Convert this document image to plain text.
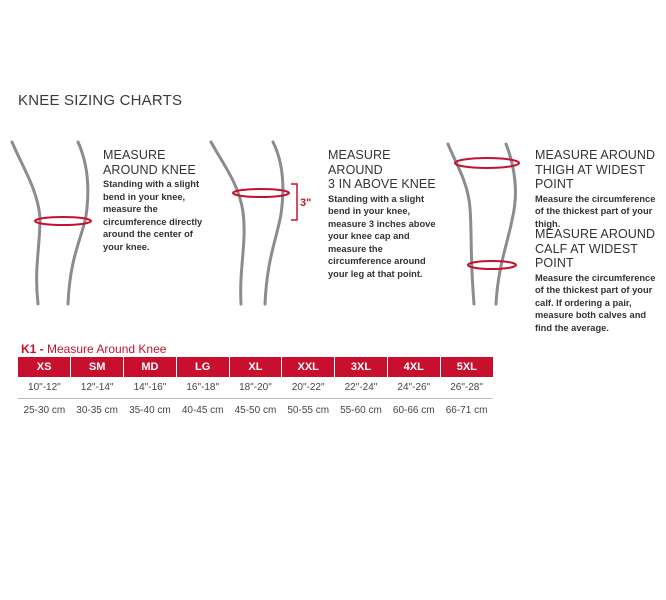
KNEE SIZING CHARTS
MEASURE
AROUND KNEE
Standing with a slight bend in your knee, measure the circumference directly around the center of your knee.
3"
MEASURE AROUND
3 IN ABOVE KNEE
Standing with a slight bend in your knee, measure 3 inches above your knee cap and measure the circumference around your leg at that point.
MEASURE AROUND
THIGH AT WIDEST POINT
Measure the circumference of the thickest part of your thigh.
MEASURE AROUND
CALF AT WIDEST POINT
Measure the circumference of the thickest part of your calf. If ordering a pair, measure both calves and find the average.
K1 - Measure Around Knee
XS	SM	MD	LG	XL	XXL	3XL	4XL	5XL
10"-12"	12"-14"	14"-16"	16"-18"	18"-20"	20"-22"	22"-24"	24"-26"	26"-28"
25-30 cm	30-35 cm	35-40 cm	40-45 cm	45-50 cm	50-55 cm	55-60 cm	60-66 cm	66-71 cm
